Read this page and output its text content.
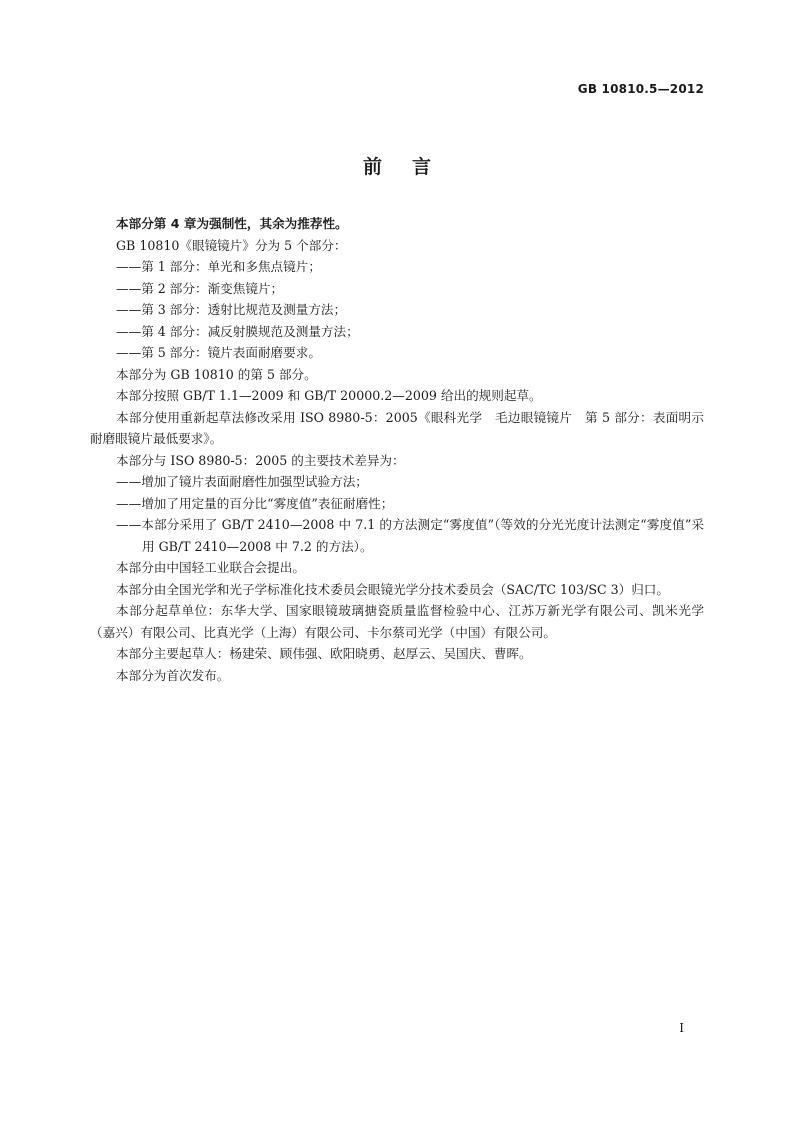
GB 10810.5—2012
前言

本部分第 4 章为强制性，其余为推荐性。

GB 10810《眼镜镜片》分为 5 个部分：

——第 1 部分：单光和多焦点镜片；

——第 2 部分：渐变焦镜片；

——第 3 部分：透射比规范及测量方法；

——第 4 部分：减反射膜规范及测量方法；

——第 5 部分：镜片表面耐磨要求。

本部分为 GB 10810 的第 5 部分。

本部分按照 GB/T 1.1—2009 和 GB/T 20000.2—2009 给出的规则起草。

本部分使用重新起草法修改采用 ISO 8980-5：2005《眼科光学　毛边眼镜镜片　第 5 部分：表面明示耐磨眼镜片最低要求》。

本部分与 ISO 8980-5：2005 的主要技术差异为：

——增加了镜片表面耐磨性加强型试验方法；

——增加了用定量的百分比“雾度值”表征耐磨性；

——本部分采用了 GB/T 2410—2008 中 7.1 的方法测定“雾度值”（等效的分光光度计法测定“雾度值”采用 GB/T 2410—2008 中 7.2 的方法）。

本部分由中国轻工业联合会提出。

本部分由全国光学和光子学标准化技术委员会眼镜光学分技术委员会（SAC/TC 103/SC 3）归口。

本部分起草单位：东华大学、国家眼镜玻璃搪瓷质量监督检验中心、江苏万新光学有限公司、凯米光学（嘉兴）有限公司、比真光学（上海）有限公司、卡尔蔡司光学（中国）有限公司。

本部分主要起草人：杨建荣、顾伟强、欧阳晓勇、赵厚云、吴国庆、曹晖。

本部分为首次发布。

I
